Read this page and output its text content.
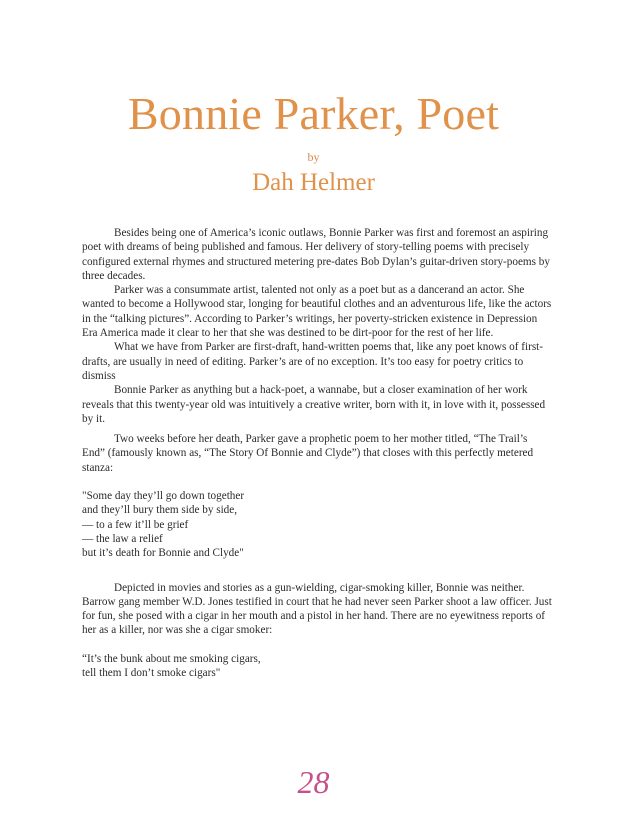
Bonnie Parker, Poet
by
Dah Helmer

Besides being one of America’s iconic outlaws, Bonnie Parker was first and foremost an aspiring poet with dreams of being published and famous. Her delivery of story-telling poems with precisely configured external rhymes and structured metering pre-dates Bob Dylan’s guitar-driven story-poems by three decades.

Parker was a consummate artist, talented not only as a poet but as a dancerand an actor. She wanted to become a Hollywood star, longing for beautiful clothes and an adventurous life, like the actors in the “talking pictures”. According to Parker’s writings, her poverty-stricken existence in Depression Era America made it clear to her that she was destined to be dirt-poor for the rest of her life.

What we have from Parker are first-draft, hand-written poems that, like any poet knows of first-drafts, are usually in need of editing. Parker’s are of no exception. It’s too easy for poetry critics to dismiss

Bonnie Parker as anything but a hack-poet, a wannabe, but a closer examination of her work reveals that this twenty-year old was intuitively a creative writer, born with it, in love with it, possessed by it.

Two weeks before her death, Parker gave a prophetic poem to her mother titled, “The Trail’s End” (famously known as, “The Story Of Bonnie and Clyde”) that closes with this perfectly metered stanza:

"Some day they’ll go down together

and they’ll bury them side by side,

— to a few it’ll be grief

— the law a relief

but it’s death for Bonnie and Clyde"

Depicted in movies and stories as a gun-wielding, cigar-smoking killer, Bonnie was neither. Barrow gang member W.D. Jones testified in court that he had never seen Parker shoot a law officer. Just for fun, she posed with a cigar in her mouth and a pistol in her hand. There are no eyewitness reports of her as a killer, nor was she a cigar smoker:

“It’s the bunk about me smoking cigars,

tell them I don’t smoke cigars"

28
